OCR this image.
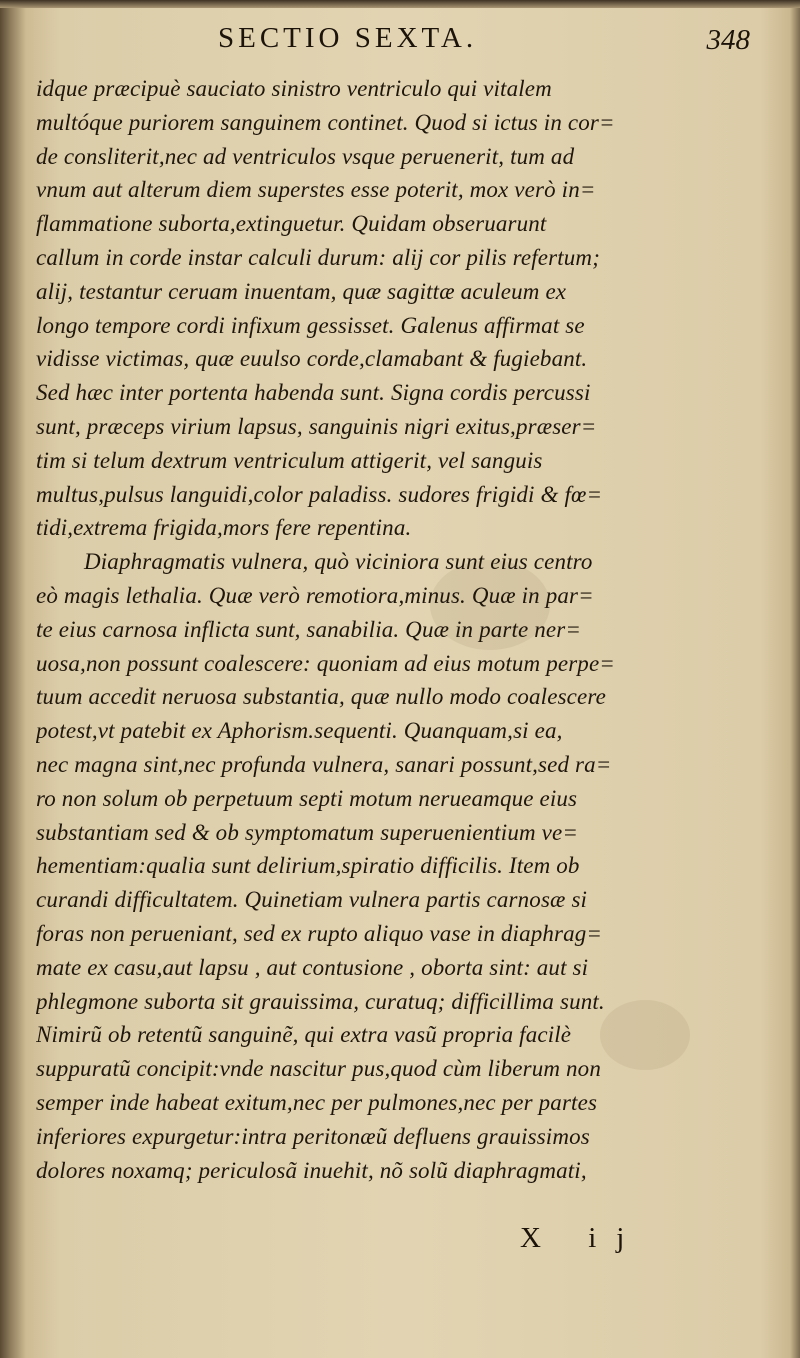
SECTIO SEXTA.	348
idque præcipuè sauciato sinistro ventriculo qui vitalem
multóque puriorem sanguinem continet. Quod si ictus in cor=
de consliterit,nec ad ventriculos vsque peruenerit, tum ad
vnum aut alterum diem superstes esse poterit, mox verò in=
flammatione suborta,extinguetur. Quidam obseruarunt
callum in corde instar calculi durum: alij cor pilis refertum;
alij, testantur ceruam inuentam, quæ sagittæ aculeum ex
longo tempore cordi infixum gessisset. Galenus affirmat se
vidisse victimas, quæ euulso corde,clamabant & fugiebant.
Sed hæc inter portenta habenda sunt. Signa cordis percussi
sunt, præceps virium lapsus, sanguinis nigri exitus,præser=
tim si telum dextrum ventriculum attigerit, vel sanguis
multus,pulsus languidi,color paladiss. sudores frigidi & fœ=
tidi,extrema frigida,mors fere repentina.
Diaphragmatis vulnera, quò viciniora sunt eius centro
eò magis lethalia. Quæ verò remotiora,minus. Quæ in par=
te eius carnosa inflicta sunt, sanabilia. Quæ in parte ner=
uosa,non possunt coalescere: quoniam ad eius motum perpe=
tuum accedit neruosa substantia, quæ nullo modo coalescere
potest,vt patebit ex Aphorism.sequenti. Quanquam,si ea,
nec magna sint,nec profunda vulnera, sanari possunt,sed ra=
ro non solum ob perpetuum septi motum nerueamque eius
substantiam sed & ob symptomatum superuenientium ve=
hementiam:qualia sunt delirium,spiratio difficilis. Item ob
curandi difficultatem. Quinetiam vulnera partis carnosæ si
foras non peruenіant, sed ex rupto aliquo vase in diaphrag=
mate ex casu,aut lapsu , aut contusione , oborta sint: aut si
phlegmone suborta sit grauissima, curatuq; difficillima sunt.
Nimirũ ob retentũ sanguinẽ, qui extra vasũ propria facilè
suppuratũ concipit:vnde nascitur pus,quod cùm liberum non
semper inde habeat exitum,nec per pulmones,nec per partes
inferiores expurgetur:intra peritonæũ defluens grauissimos
dolores noxamq; periculosã inuehit, nõ solũ diaphragmati,
X ij
